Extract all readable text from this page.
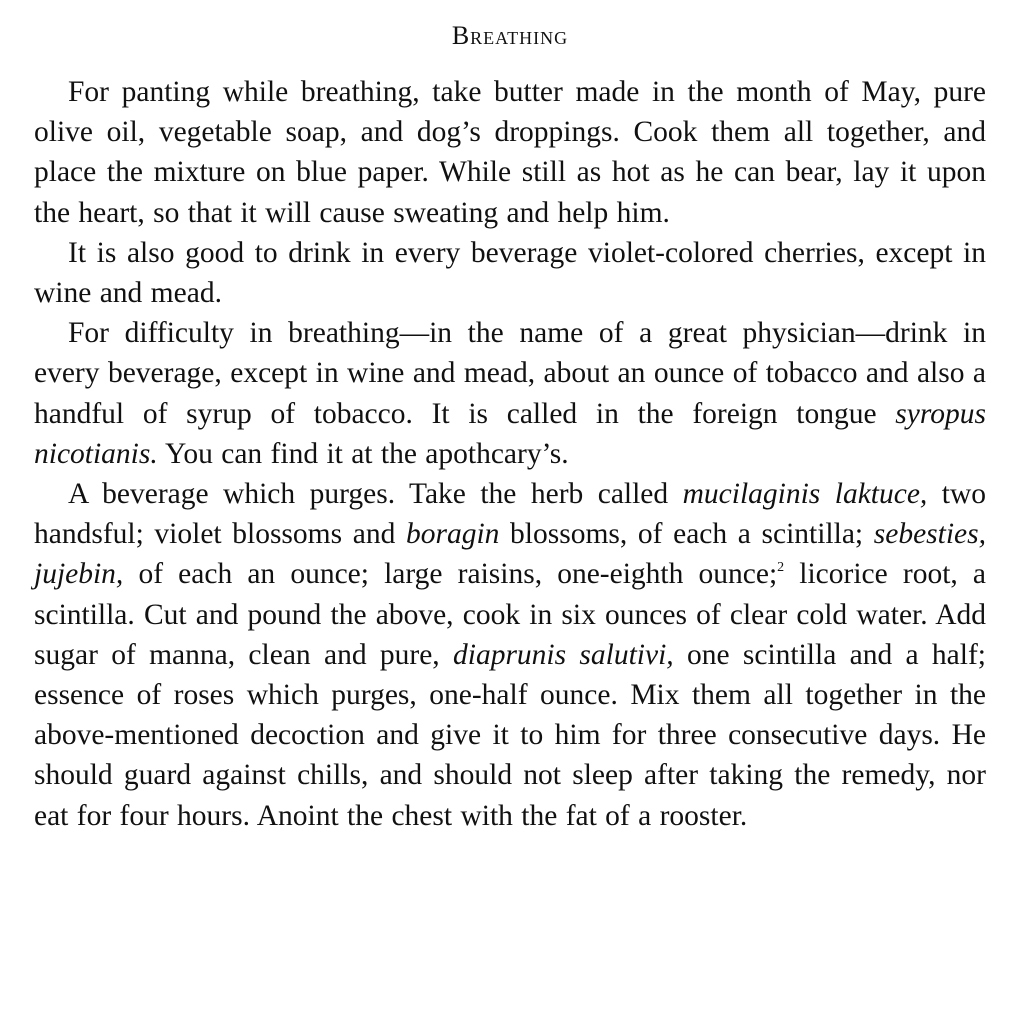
Breathing

For panting while breathing, take butter made in the month of May, pure olive oil, vegetable soap, and dog’s droppings. Cook them all together, and place the mixture on blue paper. While still as hot as he can bear, lay it upon the heart, so that it will cause sweating and help him.

It is also good to drink in every beverage violet-colored cherries, except in wine and mead.

For difficulty in breathing—in the name of a great physician—drink in every beverage, except in wine and mead, about an ounce of tobacco and also a handful of syrup of tobacco. It is called in the foreign tongue syropus nicotianis. You can find it at the apothcary’s.

A beverage which purges. Take the herb called mucilaginis laktuce, two handsful; violet blossoms and boragin blossoms, of each a scintilla; sebesties, jujebin, of each an ounce; large raisins, one-eighth ounce;$^2$ licorice root, a scintilla. Cut and pound the above, cook in six ounces of clear cold water. Add sugar of manna, clean and pure, diaprunis salutivi, one scintilla and a half; essence of roses which purges, one-half ounce. Mix them all together in the above-mentioned decoction and give it to him for three consecutive days. He should guard against chills, and should not sleep after taking the remedy, nor eat for four hours. Anoint the chest with the fat of a rooster.
